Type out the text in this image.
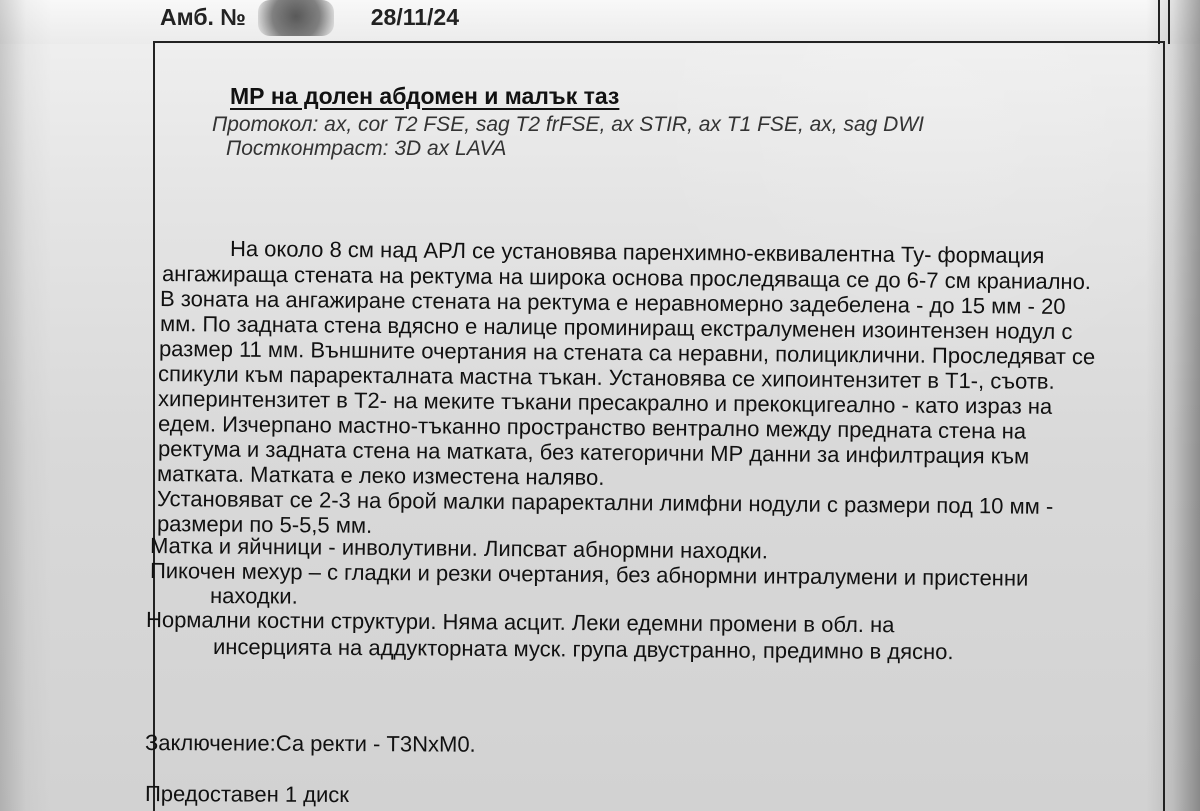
Амб. №	28/11/24
МР на долен абдомен и малък таз
Протокол: ax, cor T2 FSE, sag T2 frFSE, ax STIR, ax T1 FSE, ax, sag DWI
Постконтраст: 3D ax LAVA
На около 8 см над АРЛ се установява паренхимно-еквивалентна Ту- формация
ангажираща стената на ректума на широка основа проследяваща се до 6-7 см краниално.
В зоната на ангажиране стената на ректума е неравномерно задебелена - до 15 мм - 20
мм. По задната стена вдясно е налице проминиращ екстралуменен изоинтензен нодул с
размер 11 мм. Външните очертания на стената са неравни, полициклични. Проследяват се
спикули към параректалната мастна тъкан. Установява се хипоинтензитет в Т1-, съотв.
хиперинтензитет в Т2- на меките тъкани пресакрално и прекокцигеално - като израз на
едем. Изчерпано мастно-тъканно пространство вентрално между предната стена на
ректума и задната стена на матката, без категорични МР данни за инфилтрация към
матката. Матката е леко изместена наляво.
Установяват се 2-3 на брой малки параректални лимфни нодули с размери под 10 мм -
размери по 5-5,5 мм.
Матка и яйчници - инволутивни. Липсват абнормни находки.
Пикочен мехур – с гладки и резки очертания, без абнормни интралумени и пристенни
находки.
Нормални костни структури. Няма асцит. Леки едемни промени в обл. на
инсерцията на аддукторната муск. група двустранно, предимно в дясно.
Заключение:Са ректи - T3NxM0.
Предоставен 1 диск
